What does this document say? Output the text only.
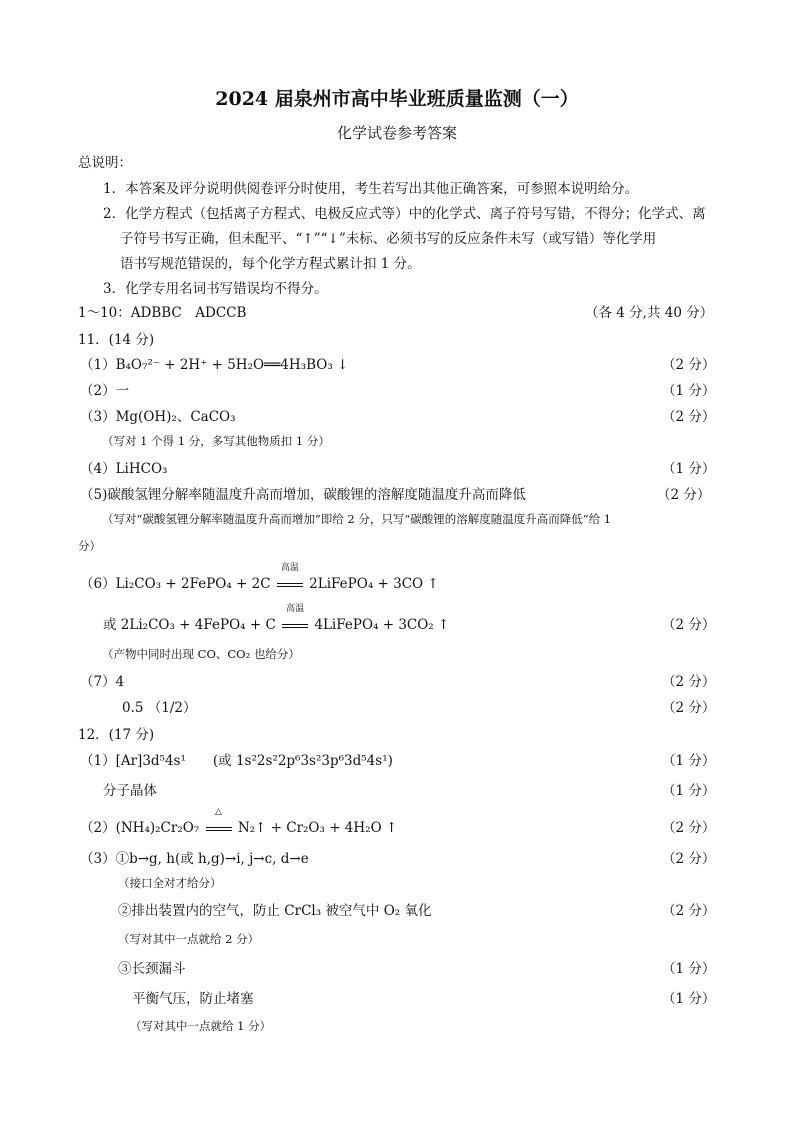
2024 届泉州市高中毕业班质量监测（一）
化学试卷参考答案
总说明：
1．本答案及评分说明供阅卷评分时使用，考生若写出其他正确答案，可参照本说明给分。
2．化学方程式（包括离子方程式、电极反应式等）中的化学式、离子符号写错，不得分；化学式、离
子符号书写正确，但未配平、“↑”“↓”未标、必须书写的反应条件未写（或写错）等化学用
语书写规范错误的，每个化学方程式累计扣 1 分。
3．化学专用名词书写错误均不得分。
1～10：ADBBC　ADCCB	（各 4 分,共 40 分）
11．(14 分)
（1）B₄O₇²⁻ + 2H⁺ + 5H₂O══4H₃BO₃ ↓	（2 分）
（2）一	（1 分）
（3）Mg(OH)₂、CaCO₃	（2 分）
（写对 1 个得 1 分，多写其他物质扣 1 分）
（4）LiHCO₃	（1 分）
（5)碳酸氢锂分解率随温度升高而增加，碳酸锂的溶解度随温度升高而降低	（2 分）
（写对“碳酸氢锂分解率随温度升高而增加”即给 2 分，只写“碳酸锂的溶解度随温度升高而降低”给 1
分）
（6）Li₂CO₃ + 2FePO₄ + 2C
高温
2LiFePO₄ + 3CO ↑
或 2Li₂CO₃ + 4FePO₄ + C
高温
4LiFePO₄ + 3CO₂ ↑	（2 分）
（产物中同时出现 CO、CO₂ 也给分）
（7）4	（2 分）
0.5 （1/2）	（2 分）
12．(17 分)
（1）[Ar]3d⁵4s¹　　(或 1s²2s²2p⁶3s²3p⁶3d⁵4s¹)	（1 分）
分子晶体	（1 分）
（2）(NH₄)₂Cr₂O₇
△
N₂↑ + Cr₂O₃ + 4H₂O ↑	（2 分）
（3）①b→g, h(或 h,g)→i, j→c, d→e	（2 分）
（接口全对才给分）
②排出装置内的空气，防止 CrCl₃ 被空气中 O₂ 氧化	（2 分）
（写对其中一点就给 2 分）
③长颈漏斗	（1 分）
平衡气压，防止堵塞	（1 分）
（写对其中一点就给 1 分）
